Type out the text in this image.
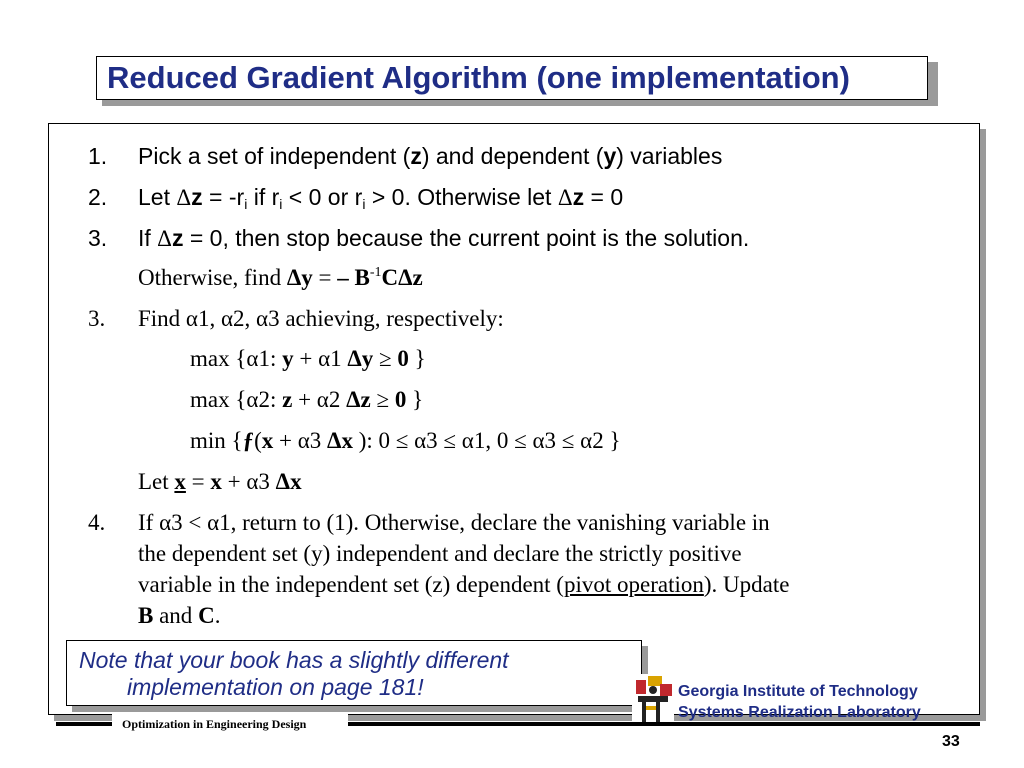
Reduced Gradient Algorithm (one implementation)
1. Pick a set of independent (z) and dependent (y) variables
2. Let $\Delta z = -r_i$ if $r_i < 0$ or $r_i > 0$. Otherwise let Δz = 0
3. If Δz = 0, then stop because the current point is the solution.
Otherwise, find Δy = – $B^{-1}C\Delta z$
3. Find α1, α2, α3 achieving, respectively:
max {α1: y + α1 Δy ≥ 0 }
max {α2: z + α2 Δz ≥ 0 }
min {ƒ(x + α3 Δx ): 0 ≤ α3 ≤ α1, 0 ≤ α3 ≤ α2 }
Let x = x + α3 Δx
4. If α3 < α1, return to (1). Otherwise, declare the vanishing variable in
the dependent set (y) independent and declare the strictly positive
variable in the independent set (z) dependent (pivot operation). Update
B and C.
Note that your book has a slightly different
implementation on page 181!	Georgia Institute of Technology
Systems Realization Laboratory
Optimization in Engineering Design
33
